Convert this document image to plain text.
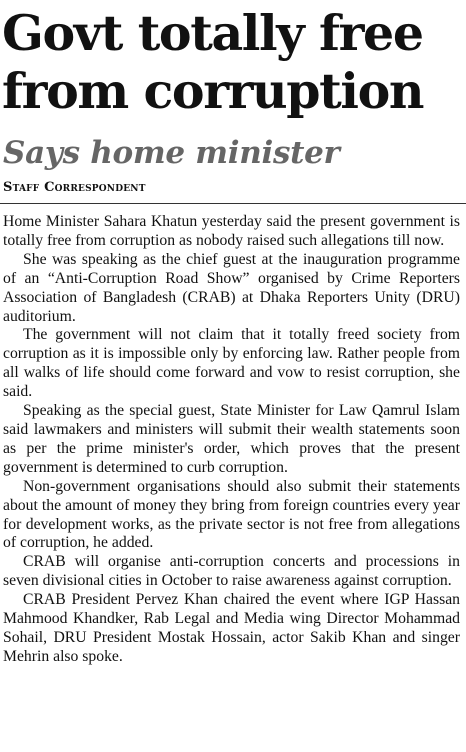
Govt totally free
from corruption
Says home minister
Staff Correspondent

Home Minister Sahara Khatun yesterday said the present government is totally free from corruption as nobody raised such allegations till now.

She was speaking as the chief guest at the inauguration programme of an “Anti-Corruption Road Show” organised by Crime Reporters Association of Bangladesh (CRAB) at Dhaka Reporters Unity (DRU) auditorium.

The government will not claim that it totally freed society from corruption as it is impossible only by enforcing law. Rather people from all walks of life should come forward and vow to resist corruption, she said.

Speaking as the special guest, State Minister for Law Qamrul Islam said lawmakers and ministers will submit their wealth statements soon as per the prime minister's order, which proves that the present government is determined to curb corruption.

Non-government organisations should also submit their statements about the amount of money they bring from foreign countries every year for development works, as the private sector is not free from allegations of corruption, he added.

CRAB will organise anti-corruption concerts and processions in seven divisional cities in October to raise awareness against corruption.

CRAB President Pervez Khan chaired the event where IGP Hassan Mahmood Khandker, Rab Legal and Media wing Director Mohammad Sohail, DRU President Mostak Hossain, actor Sakib Khan and singer Mehrin also spoke.
